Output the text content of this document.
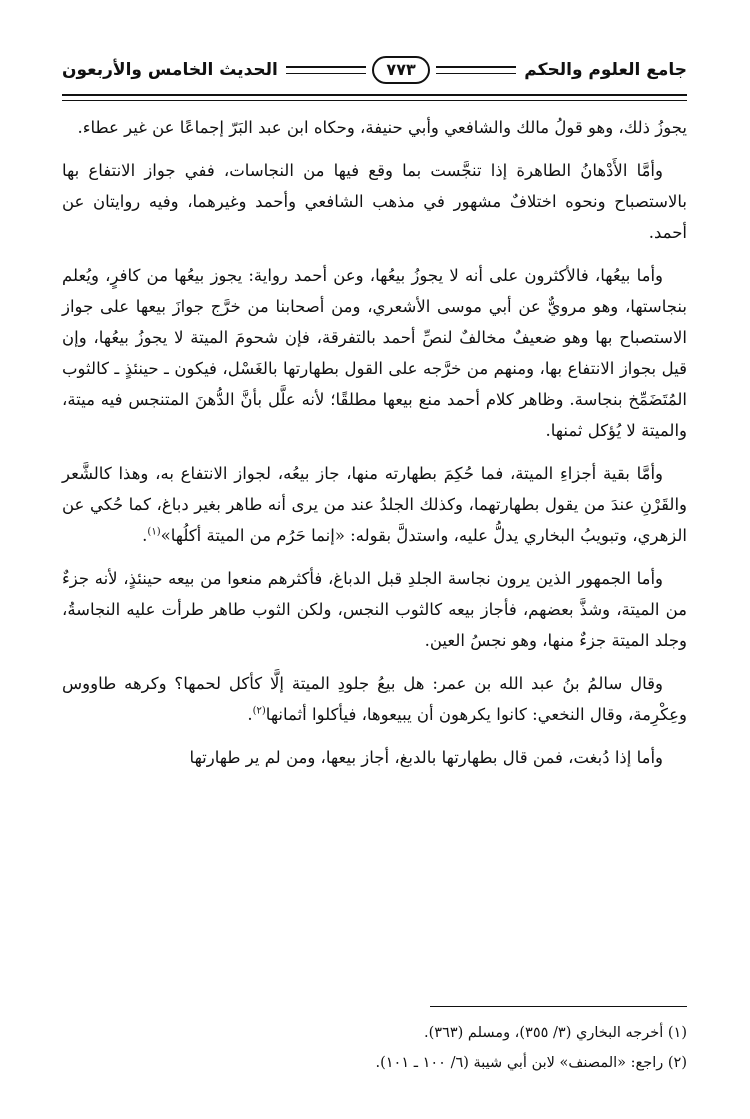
جامع العلوم والحكم
٧٧٣
الحديث الخامس والأربعون

يجوزُ ذلك، وهو قولُ مالك والشافعي وأبي حنيفة، وحكاه ابن عبد البَرّ إجماعًا عن غير عطاء.

وأمَّا الأَدْهانُ الطاهرة إذا تنجَّست بما وقع فيها من النجاسات، ففي جواز الانتفاع بها بالاستصباح ونحوه اختلافٌ مشهور في مذهب الشافعي وأحمد وغيرهما، وفيه روايتان عن أحمد.

وأما بيعُها، فالأكثرون على أنه لا يجوزُ بيعُها، وعن أحمد رواية: يجوز بيعُها من كافرٍ، ويُعلم بنجاستها، وهو مرويٌّ عن أبي موسى الأشعري، ومن أصحابنا من خرَّج جوازَ بيعها على جواز الاستصباح بها وهو ضعيفٌ مخالفٌ لنصِّ أحمد بالتفرقة، فإن شحومَ الميتة لا يجوزُ بيعُها، وإن قيل بجواز الانتفاع بها، ومنهم من خرَّجه على القول بطهارتها بالغَسْل، فيكون ـ حينئذٍ ـ كالثوب المُتَضَمِّخ بنجاسة. وظاهر كلام أحمد منع بيعها مطلقًا؛ لأنه علَّل بأنَّ الدُّهنَ المتنجس فيه ميتة، والميتة لا يُؤكل ثمنها.

وأمَّا بقية أجزاءِ الميتة، فما حُكِمَ بطهارته منها، جاز بيعُه، لجواز الانتفاع به، وهذا كالشَّعر والقَرْنِ عندَ من يقول بطهارتهما، وكذلك الجلدُ عند من يرى أنه طاهر بغير دباغ، كما حُكي عن الزهري، وتبويبُ البخاري يدلُّ عليه، واستدلَّ بقوله: «إنما حَرُم من الميتة أكلُها»$^{(١)}$.

وأما الجمهور الذين يرون نجاسة الجلدِ قبل الدباغ، فأكثرهم منعوا من بيعه حينئذٍ، لأنه جزءٌ من الميتة، وشذَّ بعضهم، فأجاز بيعه كالثوب النجس، ولكن الثوب طاهر طرأت عليه النجاسةُ، وجلد الميتة جزءٌ منها، وهو نجسُ العين.

وقال سالمُ بنُ عبد الله بن عمر: هل بيعُ جلودِ الميتة إلَّا كأكل لحمها؟ وكرهه طاووس وعِكْرِمة، وقال النخعي: كانوا يكرهون أن يبيعوها، فيأكلوا أثمانها$^{(٢)}$.

وأما إذا دُبغت، فمن قال بطهارتها بالدبغ، أجاز بيعها، ومن لم ير طهارتها

(١) أخرجه البخاري (٣/ ٣٥٥)، ومسلم (٣٦٣).
(٢) راجع: «المصنف» لابن أبي شيبة (٦/ ١٠٠ ـ ١٠١).
